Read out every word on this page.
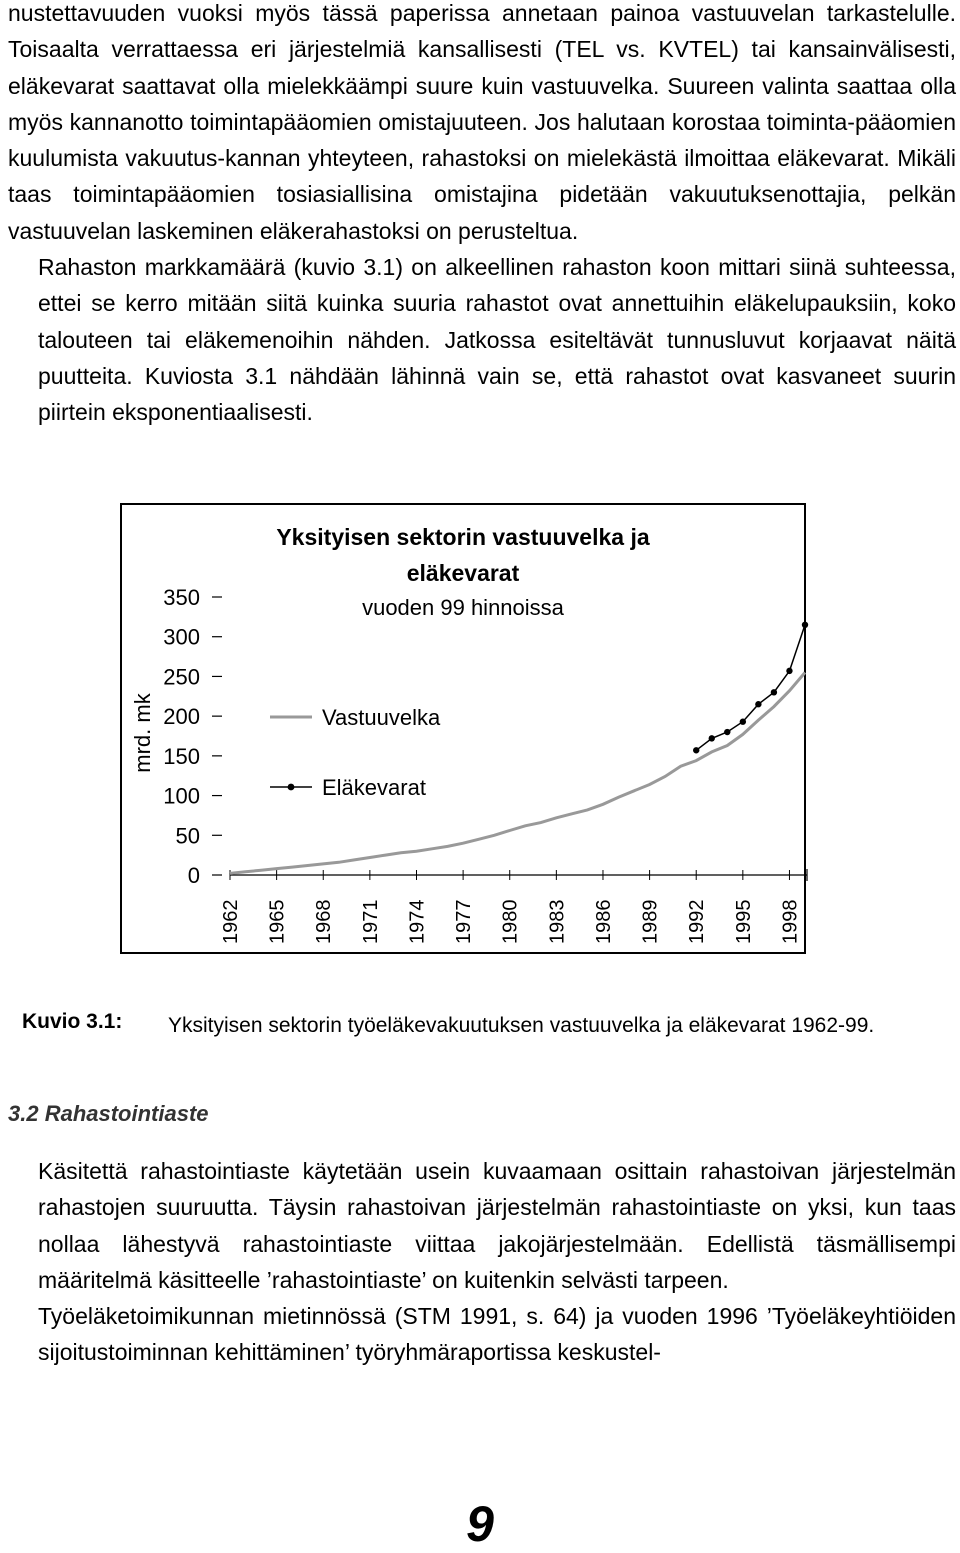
nustettavuuden vuoksi myös tässä paperissa annetaan painoa vastuuvelan tarkastelulle. Toisaalta verrattaessa eri järjestelmiä kansallisesti (TEL vs. KVTEL) tai kansainvälisesti, eläkevarat saattavat olla mielekkäämpi suure kuin vastuuvelka. Suureen valinta saattaa olla myös kannanotto toimintapääomien omistajuuteen. Jos halutaan korostaa toiminta-pääomien kuulumista vakuutus-kannan yhteyteen, rahastoksi on mielekästä ilmoittaa eläkevarat. Mikäli taas toimintapääomien tosiasiallisina omistajina pidetään vakuutuksenottajia, pelkän vastuuvelan laskeminen eläkerahastoksi on perusteltua.
Rahaston markkamäärä (kuvio 3.1) on alkeellinen rahaston koon mittari siinä suhteessa, ettei se kerro mitään siitä kuinka suuria rahastot ovat annettuihin eläkelupauksiin, koko talouteen tai eläkemenoihin nähden. Jatkossa esiteltävät tunnusluvut korjaavat näitä puutteita. Kuviosta 3.1 nähdään lähinnä vain se, että rahastot ovat kasvaneet suurin piirtein eksponentiaalisesti.
Yksityisen sektorin vastuuvelka ja eläkevarat
vuoden 99 hinnoissa
mrd. mk
0
50
100
150
200
250
300
350
1962 1965 1968 1971 1974 1977 1980 1983 1986 1989 1992 1995 1998
Vastuuvelka
Eläkevarat
Kuvio 3.1: Yksityisen sektorin työeläkevakuutuksen vastuuvelka ja eläkevarat 1962-99.
3.2 Rahastointiaste
Käsitettä rahastointiaste käytetään usein kuvaamaan osittain rahastoivan järjestelmän rahastojen suuruutta. Täysin rahastoivan järjestelmän rahastointiaste on yksi, kun taas nollaa lähestyvä rahastointiaste viittaa jakojärjestelmään. Edellistä täsmällisempi määritelmä käsitteelle ’rahastointiaste’ on kuitenkin selvästi tarpeen.
Työeläketoimikunnan mietinnössä (STM 1991, s. 64) ja vuoden 1996 ’Työeläkeyhtiöiden sijoitustoiminnan kehittäminen’ työryhmäraportissa keskustel-
9
